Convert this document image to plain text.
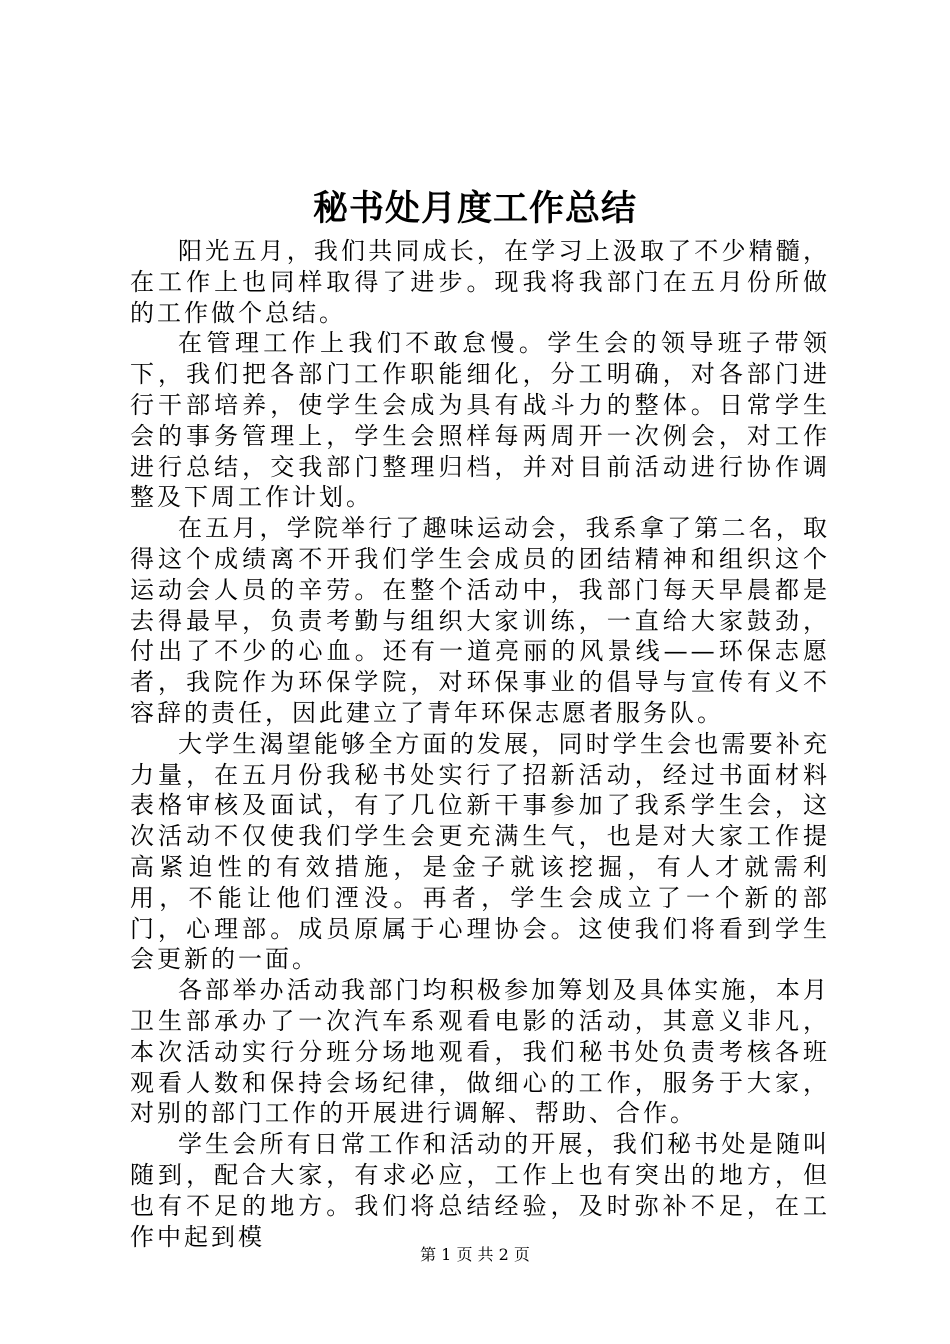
秘书处月度工作总结

阳光五月，我们共同成长，在学习上汲取了不少精髓，在工作上也同样取得了进步。现我将我部门在五月份所做的工作做个总结。

在管理工作上我们不敢怠慢。学生会的领导班子带领下，我们把各部门工作职能细化，分工明确，对各部门进行干部培养，使学生会成为具有战斗力的整体。日常学生会的事务管理上，学生会照样每两周开一次例会，对工作进行总结，交我部门整理归档，并对目前活动进行协作调整及下周工作计划。

在五月，学院举行了趣味运动会，我系拿了第二名，取得这个成绩离不开我们学生会成员的团结精神和组织这个运动会人员的辛劳。在整个活动中，我部门每天早晨都是去得最早，负责考勤与组织大家训练，一直给大家鼓劲，付出了不少的心血。还有一道亮丽的风景线——环保志愿者，我院作为环保学院，对环保事业的倡导与宣传有义不容辞的责任，因此建立了青年环保志愿者服务队。

大学生渴望能够全方面的发展，同时学生会也需要补充力量，在五月份我秘书处实行了招新活动，经过书面材料表格审核及面试，有了几位新干事参加了我系学生会，这次活动不仅使我们学生会更充满生气，也是对大家工作提高紧迫性的有效措施，是金子就该挖掘，有人才就需利用，不能让他们湮没。再者，学生会成立了一个新的部门，心理部。成员原属于心理协会。这使我们将看到学生会更新的一面。

各部举办活动我部门均积极参加筹划及具体实施，本月卫生部承办了一次汽车系观看电影的活动，其意义非凡，本次活动实行分班分场地观看，我们秘书处负责考核各班观看人数和保持会场纪律，做细心的工作，服务于大家，对别的部门工作的开展进行调解、帮助、合作。

学生会所有日常工作和活动的开展，我们秘书处是随叫随到，配合大家，有求必应，工作上也有突出的地方，但也有不足的地方。我们将总结经验，及时弥补不足，在工作中起到模

第 1 页 共 2 页
